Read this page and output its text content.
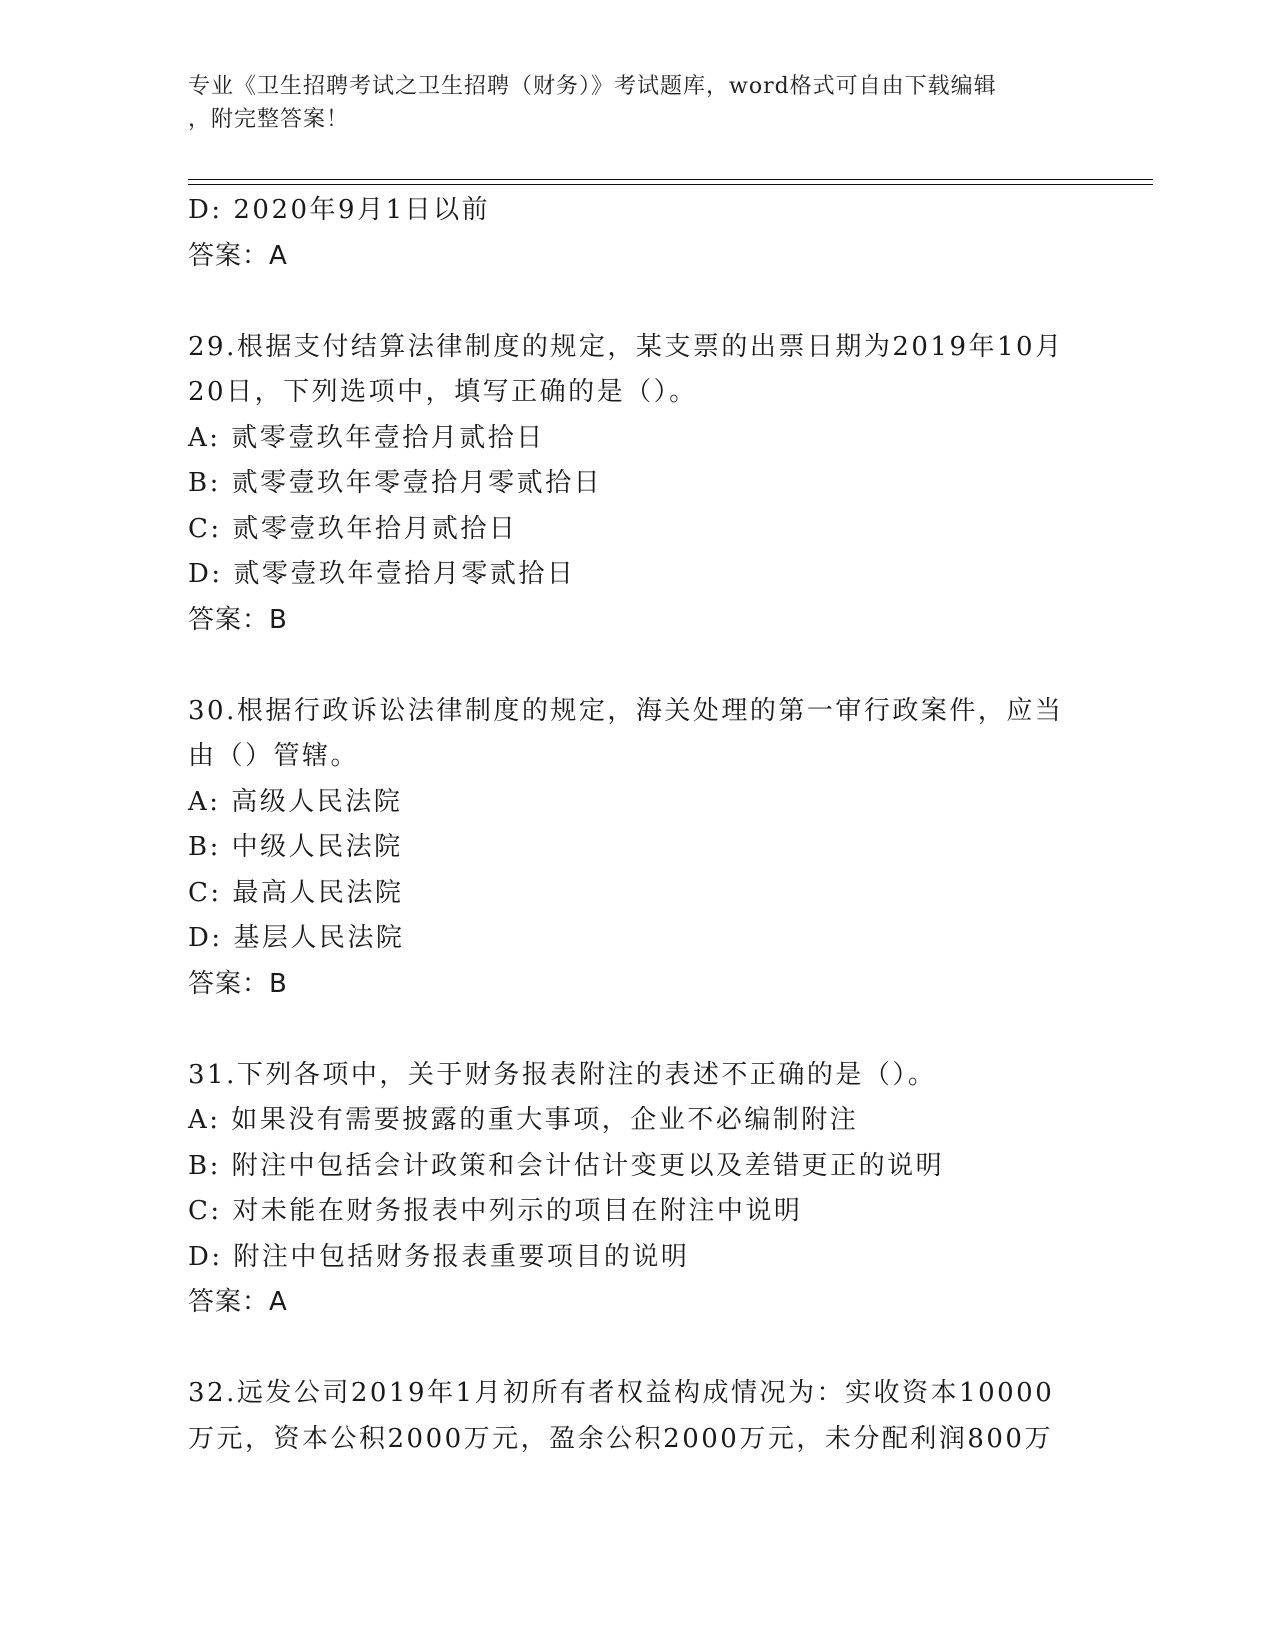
专业《卫生招聘考试之卫生招聘（财务）》考试题库，word格式可自由下载编辑
，附完整答案！
D: 2020年9月1日以前
答案：A
29.根据支付结算法律制度的规定，某支票的出票日期为2019年10月
20日，下列选项中，填写正确的是（）。
A: 贰零壹玖年壹拾月贰拾日
B: 贰零壹玖年零壹拾月零贰拾日
C: 贰零壹玖年拾月贰拾日
D: 贰零壹玖年壹拾月零贰拾日
答案：B
30.根据行政诉讼法律制度的规定，海关处理的第一审行政案件，应当
由（）管辖。
A: 高级人民法院
B: 中级人民法院
C: 最高人民法院
D: 基层人民法院
答案：B
31.下列各项中，关于财务报表附注的表述不正确的是（）。
A: 如果没有需要披露的重大事项，企业不必编制附注
B: 附注中包括会计政策和会计估计变更以及差错更正的说明
C: 对未能在财务报表中列示的项目在附注中说明
D: 附注中包括财务报表重要项目的说明
答案：A
32.远发公司2019年1月初所有者权益构成情况为：实收资本10000
万元，资本公积2000万元，盈余公积2000万元，未分配利润800万
